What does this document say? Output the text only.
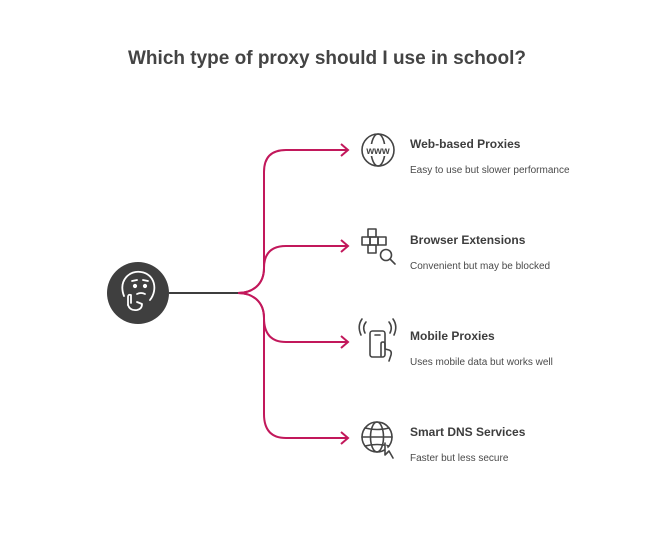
Which type of proxy should I use in school?
www
Web-based Proxies
Easy to use but slower performance
Browser Extensions
Convenient but may be blocked
Mobile Proxies
Uses mobile data but works well
Smart DNS Services
Faster but less secure
